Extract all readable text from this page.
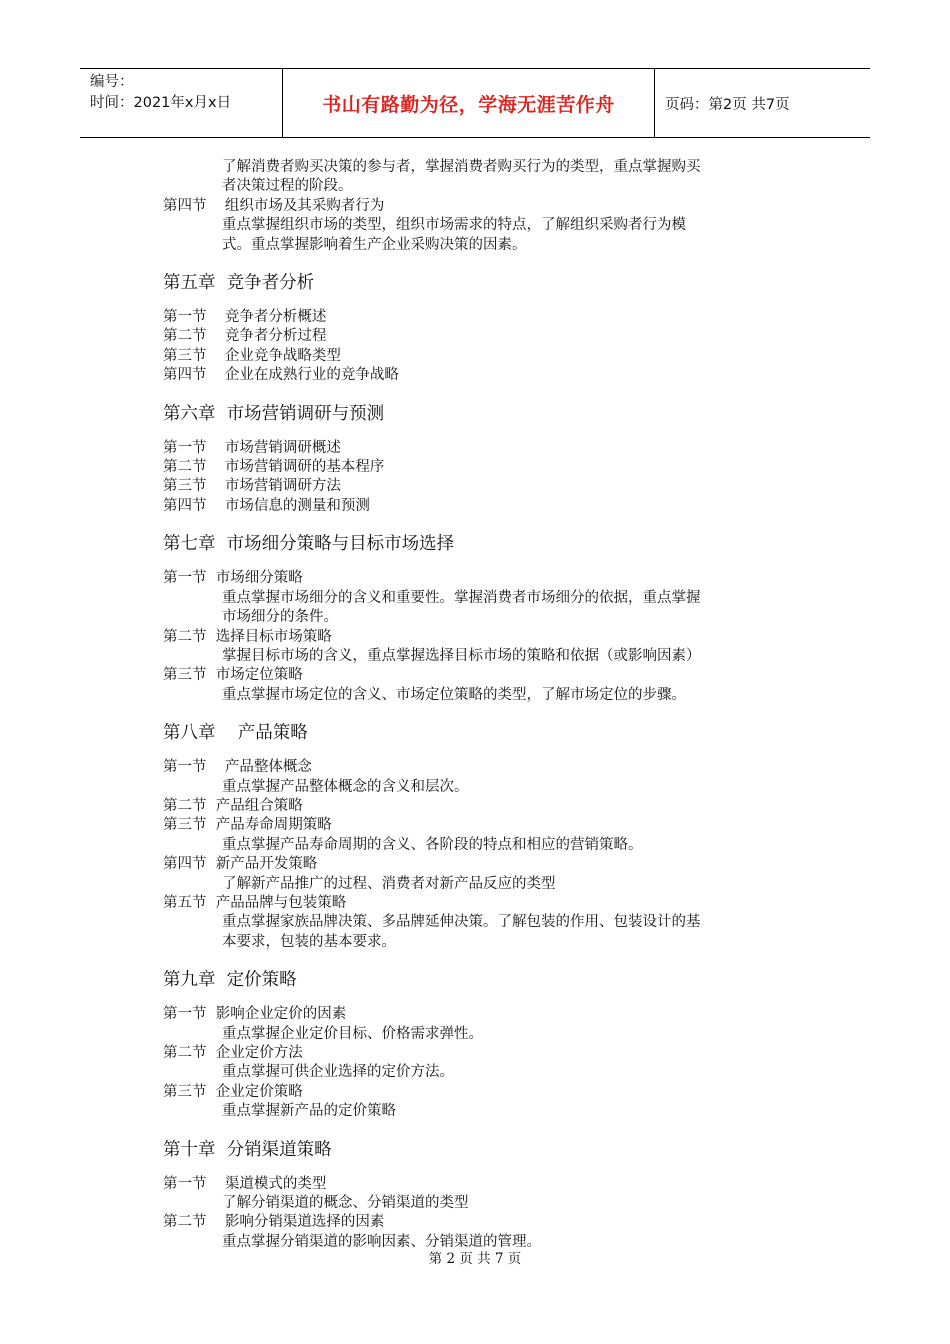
编号：
时间：2021年x月x日	书山有路勤为径，学海无涯苦作舟	页码：第2页 共7页
了解消费者购买决策的参与者，掌握消费者购买行为的类型，重点掌握购买
者决策过程的阶段。
第四节    组织市场及其采购者行为
重点掌握组织市场的类型，组织市场需求的特点，了解组织采购者行为模
式。重点掌握影响着生产企业采购决策的因素。
第五章  竞争者分析
第一节    竞争者分析概述
第二节    竞争者分析过程
第三节    企业竞争战略类型
第四节    企业在成熟行业的竞争战略
第六章  市场营销调研与预测
第一节    市场营销调研概述
第二节    市场营销调研的基本程序
第三节    市场营销调研方法
第四节    市场信息的测量和预测
第七章  市场细分策略与目标市场选择
第一节  市场细分策略
重点掌握市场细分的含义和重要性。掌握消费者市场细分的依据，重点掌握
市场细分的条件。
第二节  选择目标市场策略
掌握目标市场的含义，重点掌握选择目标市场的策略和依据（或影响因素）
第三节  市场定位策略
重点掌握市场定位的含义、市场定位策略的类型，了解市场定位的步骤。
第八章    产品策略
第一节    产品整体概念
重点掌握产品整体概念的含义和层次。
第二节  产品组合策略
第三节  产品寿命周期策略
重点掌握产品寿命周期的含义、各阶段的特点和相应的营销策略。
第四节  新产品开发策略
了解新产品推广的过程、消费者对新产品反应的类型
第五节  产品品牌与包装策略
重点掌握家族品牌决策、多品牌延伸决策。了解包装的作用、包装设计的基
本要求，包装的基本要求。
第九章  定价策略
第一节  影响企业定价的因素
重点掌握企业定价目标、价格需求弹性。
第二节  企业定价方法
重点掌握可供企业选择的定价方法。
第三节  企业定价策略
重点掌握新产品的定价策略
第十章  分销渠道策略
第一节    渠道模式的类型
了解分销渠道的概念、分销渠道的类型
第二节    影响分销渠道选择的因素
重点掌握分销渠道的影响因素、分销渠道的管理。
第 2 页 共 7 页
